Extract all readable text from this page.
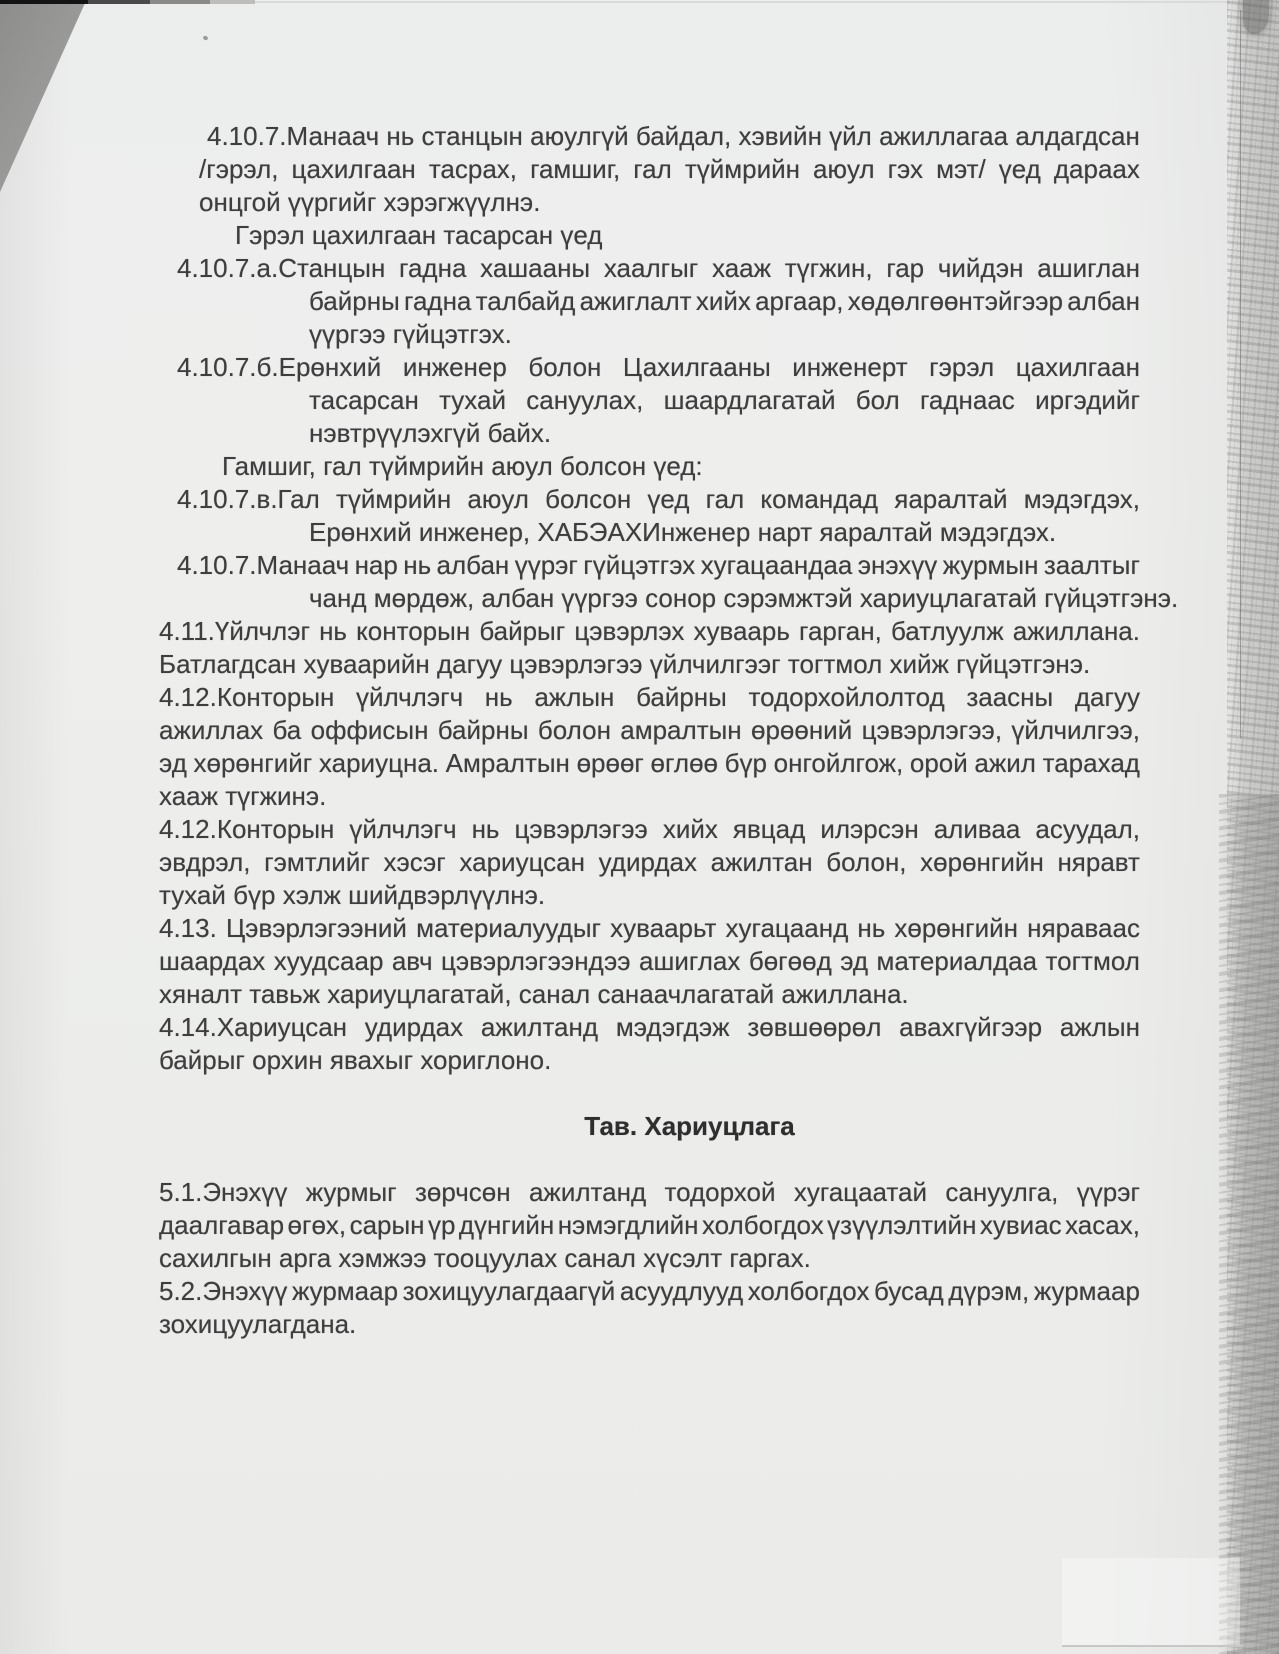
4.10.7.Манаач нь станцын аюулгүй байдал, хэвийн үйл ажиллагаа алдагдсан
/гэрэл, цахилгаан тасрах, гамшиг, гал түймрийн аюул гэх мэт/ үед дараах
онцгой үүргийг хэрэгжүүлнэ.
Гэрэл цахилгаан тасарсан үед
4.10.7.а.Станцын гадна хашааны хаалгыг хааж түгжин, гар чийдэн ашиглан
байрны гадна талбайд ажиглалт хийх аргаар, хөдөлгөөнтэйгээр албан
үүргээ гүйцэтгэх.
4.10.7.б.Ерөнхий инженер болон Цахилгааны инженерт гэрэл цахилгаан
тасарсан тухай сануулах, шаардлагатай бол гаднаас иргэдийг
нэвтрүүлэхгүй байх.
Гамшиг, гал түймрийн аюул болсон үед:
4.10.7.в.Гал түймрийн аюул болсон үед гал командад яаралтай мэдэгдэх,
Ерөнхий инженер, ХАБЭАХИнженер нарт яаралтай мэдэгдэх.
4.10.7.Манаач нар нь албан үүрэг гүйцэтгэх хугацаандаа энэхүү журмын заалтыг
чанд мөрдөж, албан үүргээ сонор сэрэмжтэй хариуцлагатай гүйцэтгэнэ.
4.11.Үйлчлэг нь конторын байрыг цэвэрлэх хуваарь гарган, батлуулж ажиллана.
Батлагдсан хуваарийн дагуу цэвэрлэгээ үйлчилгээг тогтмол хийж гүйцэтгэнэ.
4.12.Конторын үйлчлэгч нь ажлын байрны тодорхойлолтод заасны дагуу
ажиллах ба оффисын байрны болон амралтын өрөөний цэвэрлэгээ, үйлчилгээ,
эд хөрөнгийг хариуцна. Амралтын өрөөг өглөө бүр онгойлгож, орой ажил тарахад
хааж түгжинэ.
4.12.Конторын үйлчлэгч нь цэвэрлэгээ хийх явцад илэрсэн аливаа асуудал,
эвдрэл, гэмтлийг хэсэг хариуцсан удирдах ажилтан болон, хөрөнгийн няравт
тухай бүр хэлж шийдвэрлүүлнэ.
4.13. Цэвэрлэгээний материалуудыг хуваарьт хугацаанд нь хөрөнгийн няраваас
шаардах хуудсаар авч цэвэрлэгээндээ ашиглах бөгөөд эд материалдаа тогтмол
хяналт тавьж хариуцлагатай, санал санаачлагатай ажиллана.
4.14.Хариуцсан удирдах ажилтанд мэдэгдэж зөвшөөрөл авахгүйгээр ажлын
байрыг орхин явахыг хориглоно.
Тав. Хариуцлага
5.1.Энэхүү журмыг зөрчсөн ажилтанд тодорхой хугацаатай сануулга, үүрэг
даалгавар өгөх, сарын үр дүнгийн нэмэгдлийн холбогдох үзүүлэлтийн хувиас хасах,
сахилгын арга хэмжээ тооцуулах санал хүсэлт гаргах.
5.2.Энэхүү журмаар зохицуулагдаагүй асуудлууд холбогдох бусад дүрэм, журмаар
зохицуулагдана.
